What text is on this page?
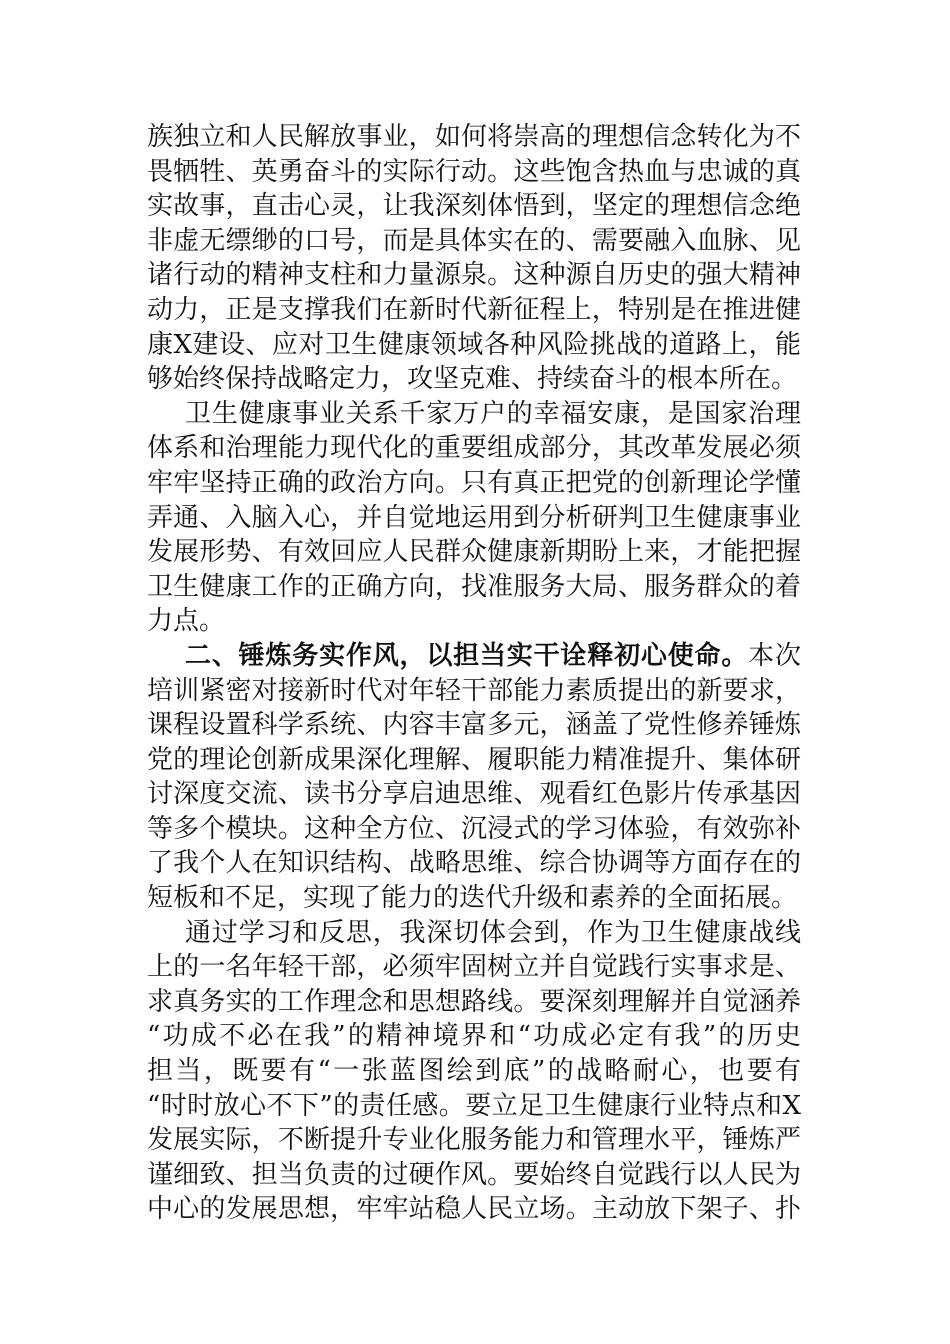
族独立和人民解放事业，如何将崇高的理想信念转化为不
畏牺牲、英勇奋斗的实际行动。这些饱含热血与忠诚的真
实故事，直击心灵，让我深刻体悟到，坚定的理想信念绝
非虚无缥缈的口号，而是具体实在的、需要融入血脉、见
诸行动的精神支柱和力量源泉。这种源自历史的强大精神
动力，正是支撑我们在新时代新征程上，特别是在推进健
康X建设、应对卫生健康领域各种风险挑战的道路上，能
够始终保持战略定力，攻坚克难、持续奋斗的根本所在。
卫生健康事业关系千家万户的幸福安康，是国家治理
体系和治理能力现代化的重要组成部分，其改革发展必须
牢牢坚持正确的政治方向。只有真正把党的创新理论学懂
弄通、入脑入心，并自觉地运用到分析研判卫生健康事业
发展形势、有效回应人民群众健康新期盼上来，才能把握
卫生健康工作的正确方向，找准服务大局、服务群众的着
力点。
二、锤炼务实作风，以担当实干诠释初心使命。本次
培训紧密对接新时代对年轻干部能力素质提出的新要求，
课程设置科学系统、内容丰富多元，涵盖了党性修养锤炼
党的理论创新成果深化理解、履职能力精准提升、集体研
讨深度交流、读书分享启迪思维、观看红色影片传承基因
等多个模块。这种全方位、沉浸式的学习体验，有效弥补
了我个人在知识结构、战略思维、综合协调等方面存在的
短板和不足，实现了能力的迭代升级和素养的全面拓展。
通过学习和反思，我深切体会到，作为卫生健康战线
上的一名年轻干部，必须牢固树立并自觉践行实事求是、
求真务实的工作理念和思想路线。要深刻理解并自觉涵养
“功成不必在我”的精神境界和“功成必定有我”的历史
担当，既要有“一张蓝图绘到底”的战略耐心，也要有
“时时放心不下”的责任感。要立足卫生健康行业特点和X
发展实际，不断提升专业化服务能力和管理水平，锤炼严
谨细致、担当负责的过硬作风。要始终自觉践行以人民为
中心的发展思想，牢牢站稳人民立场。主动放下架子、扑
